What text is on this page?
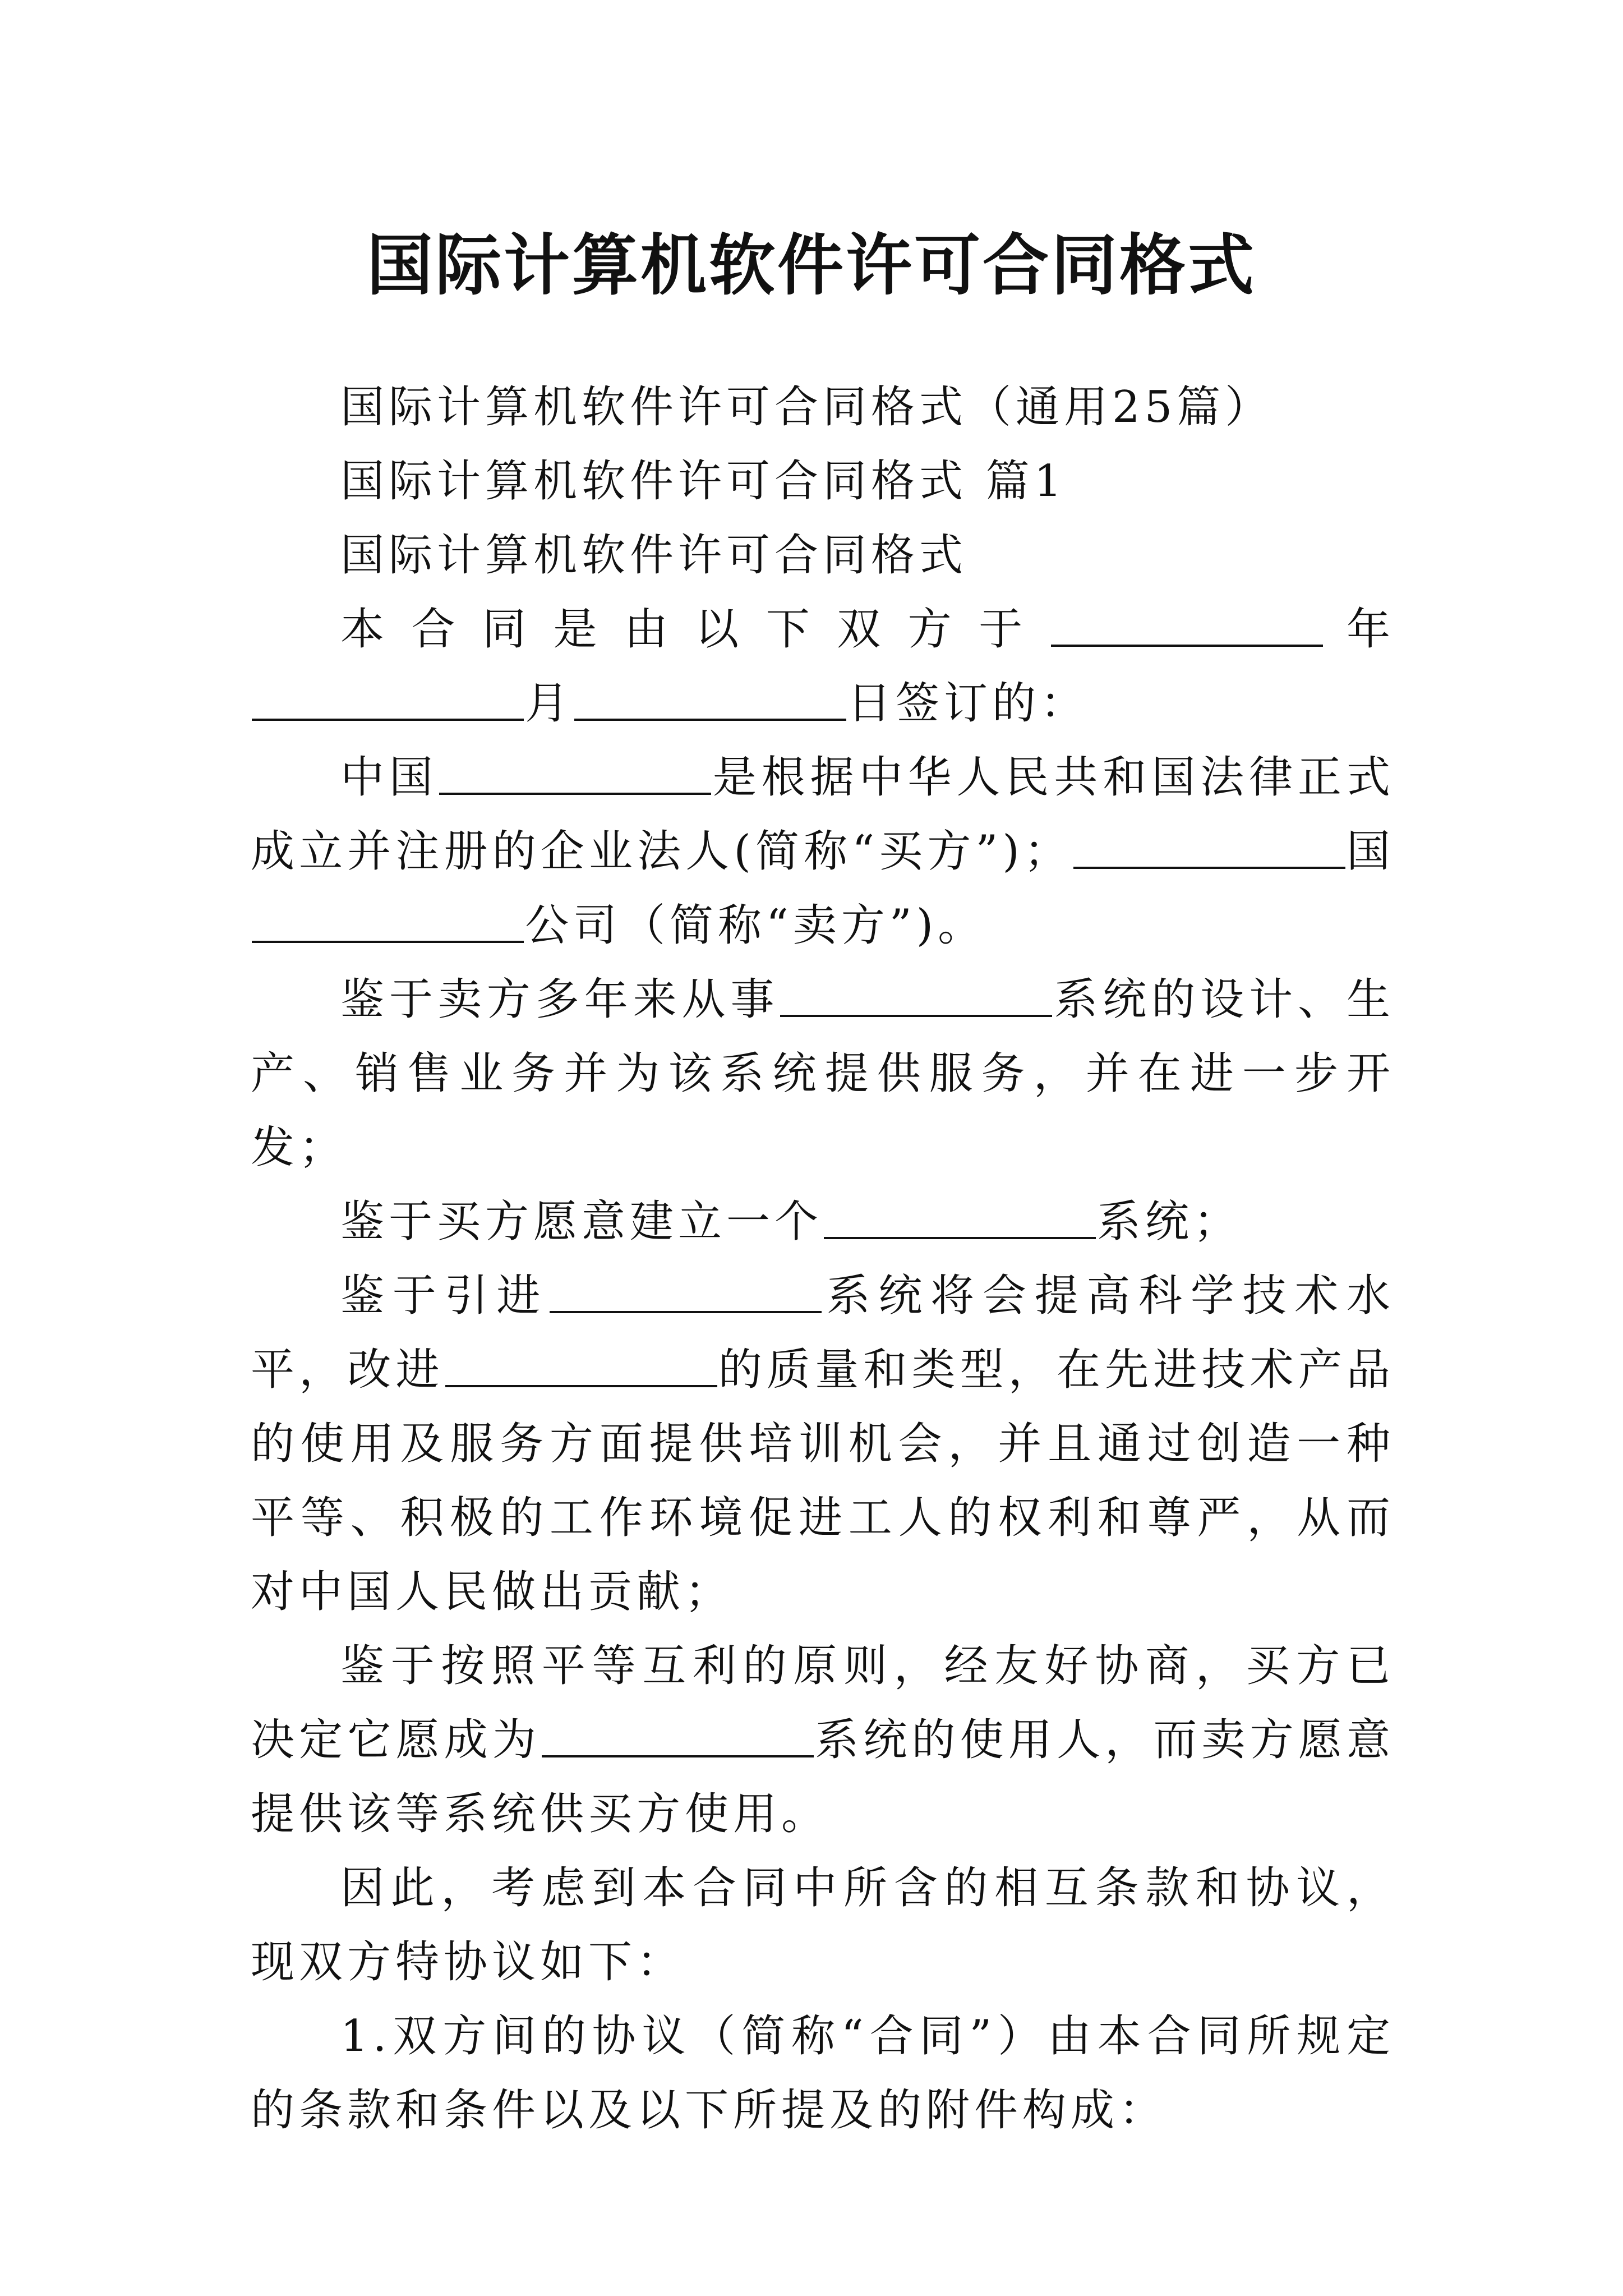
国际计算机软件许可合同格式

国际计算机软件许可合同格式（通用25篇）

国际计算机软件许可合同格式 篇1

国际计算机软件许可合同格式

本合同是由以下双方于	年月	日签订的：

中国	是根据中华人民共和国法律正式成立并注册的企业法人(简称“买方”)；	国公司（简称“卖方”)。

鉴于卖方多年来从事	系统的设计、生产、销售业务并为该系统提供服务，并在进一步开发；

鉴于买方愿意建立一个	系统；

鉴于引进	系统将会提高科学技术水平，改进	的质量和类型，在先进技术产品的使用及服务方面提供培训机会，并且通过创造一种平等、积极的工作环境促进工人的权利和尊严，从而对中国人民做出贡献；

鉴于按照平等互利的原则，经友好协商，买方已决定它愿成为	系统的使用人，而卖方愿意提供该等系统供买方使用。

因此，考虑到本合同中所含的相互条款和协议，现双方特协议如下：

1.双方间的协议（简称“合同”）由本合同所规定的条款和条件以及以下所提及的附件构成：
